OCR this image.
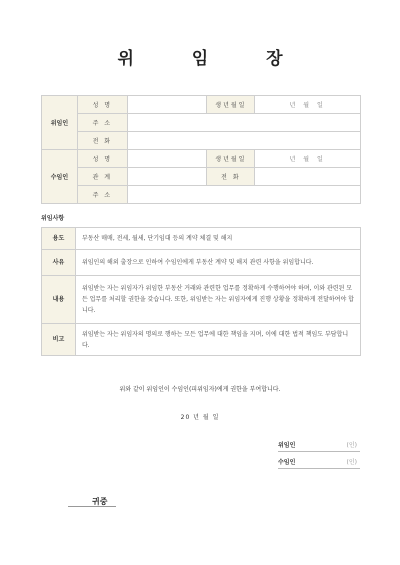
위 임 장
위임인	성 명		생년월일	년 월 일
	주 소			
	전 화			
수임인	성 명		생년월일	년 월 일
	관 계		전 화	
	주 소			
위임사항
용도	부동산 매매, 전세, 월세, 단기임대 등의 계약 체결 및 해지
사유	위임인의 해외 출장으로 인하여 수임인에게 부동산 계약 및 해지 관련 사항을 위임합니다.
내용	위임받는 자는 위임자가 위임한 부동산 거래와 관련한 업무를 정확하게 수행하여야 하며, 이와 관련된 모든 업무를 처리할 권한을 갖습니다. 또한, 위임받는 자는 위임자에게 진행 상황을 정확하게 전달하여야 합니다.
비고	위임받는 자는 위임자의 명의로 행하는 모든 업무에 대한 책임을 지며, 이에 대한 법적 책임도 부담합니다.
위와 같이 위임인이 수임인(피위임자)에게 권한을 부여합니다.
20 년 월 일
위임인	(인)
수임인	(인)
귀중
